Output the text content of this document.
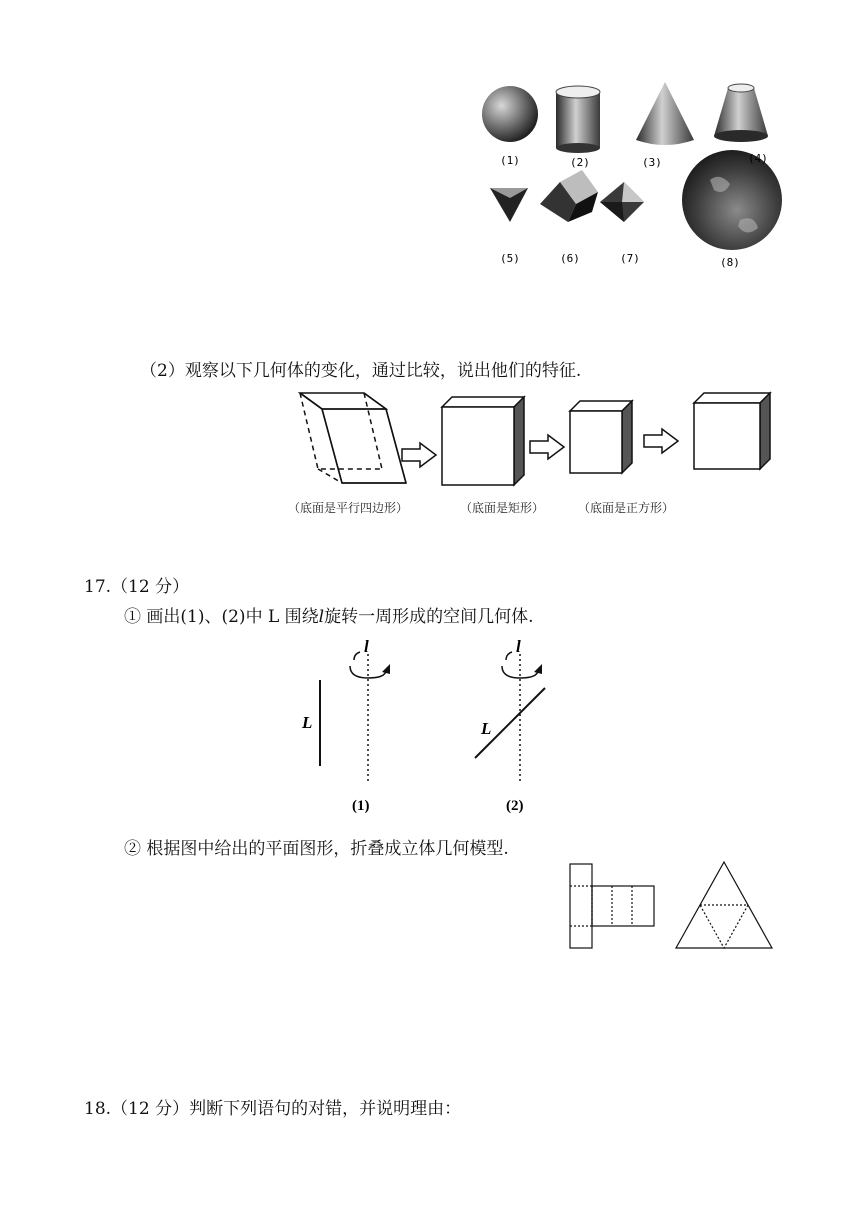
(1)	(2)	(3)	(4)
(5)	(6)	(7)	(8)
（2）观察以下几何体的变化，通过比较，说出他们的特征.
（底面是平行四边形）	（底面是矩形）	（底面是正方形）
17.（12 分）
① 画出(1)、(2)中 L 围绕l旋转一周形成的空间几何体.
l
L
(1)
l
L
(2)
② 根据图中给出的平面图形，折叠成立体几何模型.
18.（12 分）判断下列语句的对错，并说明理由：
